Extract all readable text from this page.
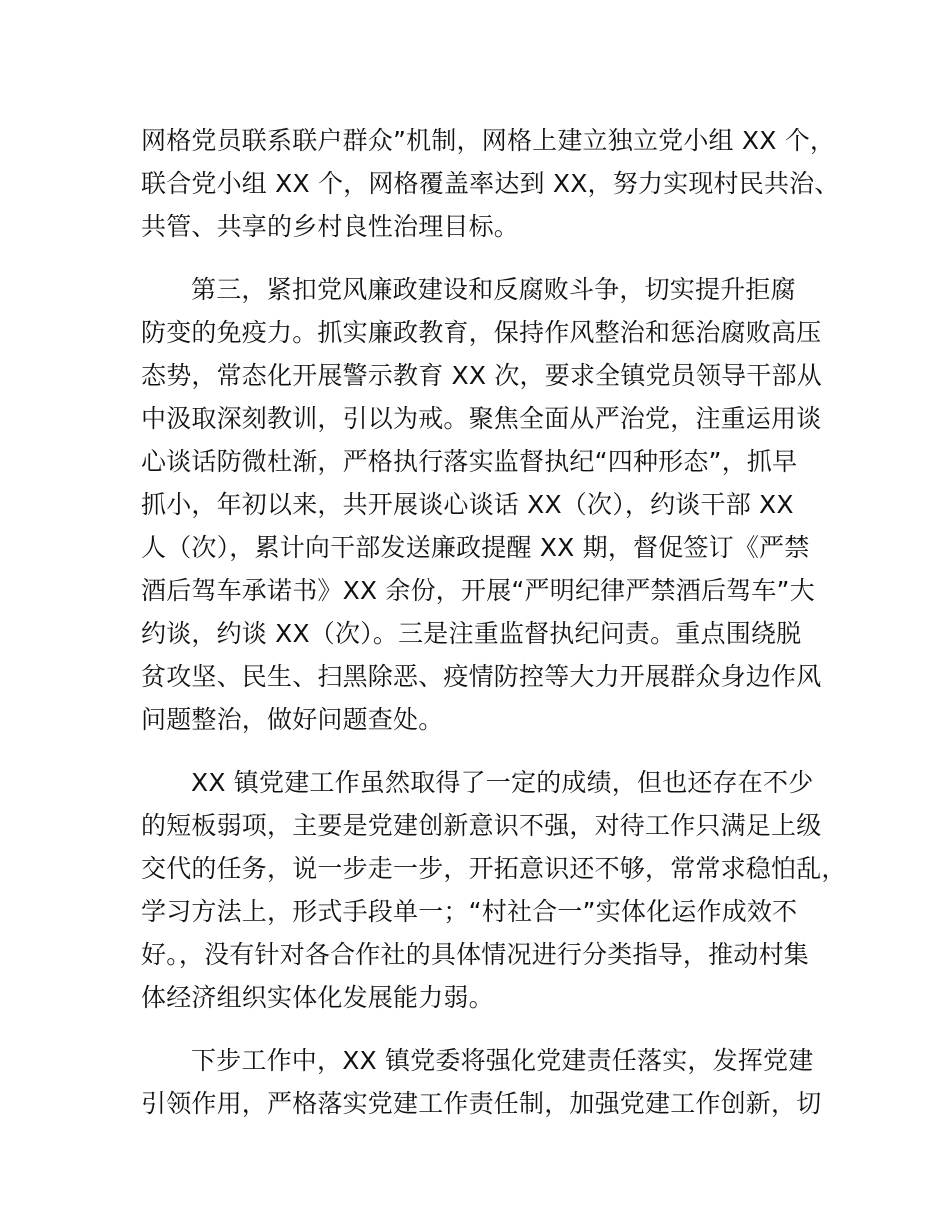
网格党员联系联户群众”机制，网格上建立独立党小组 XX 个，
联合党小组 XX 个，网格覆盖率达到 XX，努力实现村民共治、
共管、共享的乡村良性治理目标。
第三，紧扣党风廉政建设和反腐败斗争，切实提升拒腐
防变的免疫力。抓实廉政教育，保持作风整治和惩治腐败高压
态势，常态化开展警示教育 XX 次，要求全镇党员领导干部从
中汲取深刻教训，引以为戒。聚焦全面从严治党，注重运用谈
心谈话防微杜渐，严格执行落实监督执纪“四种形态”，抓早
抓小，年初以来，共开展谈心谈话 XX（次），约谈干部 XX
人（次），累计向干部发送廉政提醒 XX 期，督促签订《严禁
酒后驾车承诺书》XX 余份，开展“严明纪律严禁酒后驾车”大
约谈，约谈 XX（次）。三是注重监督执纪问责。重点围绕脱
贫攻坚、民生、扫黑除恶、疫情防控等大力开展群众身边作风
问题整治，做好问题查处。
XX 镇党建工作虽然取得了一定的成绩，但也还存在不少
的短板弱项，主要是党建创新意识不强，对待工作只满足上级
交代的任务，说一步走一步，开拓意识还不够，常常求稳怕乱，
学习方法上，形式手段单一；“村社合一”实体化运作成效不
好。，没有针对各合作社的具体情况进行分类指导，推动村集
体经济组织实体化发展能力弱。
下步工作中，XX 镇党委将强化党建责任落实，发挥党建
引领作用，严格落实党建工作责任制，加强党建工作创新，切
